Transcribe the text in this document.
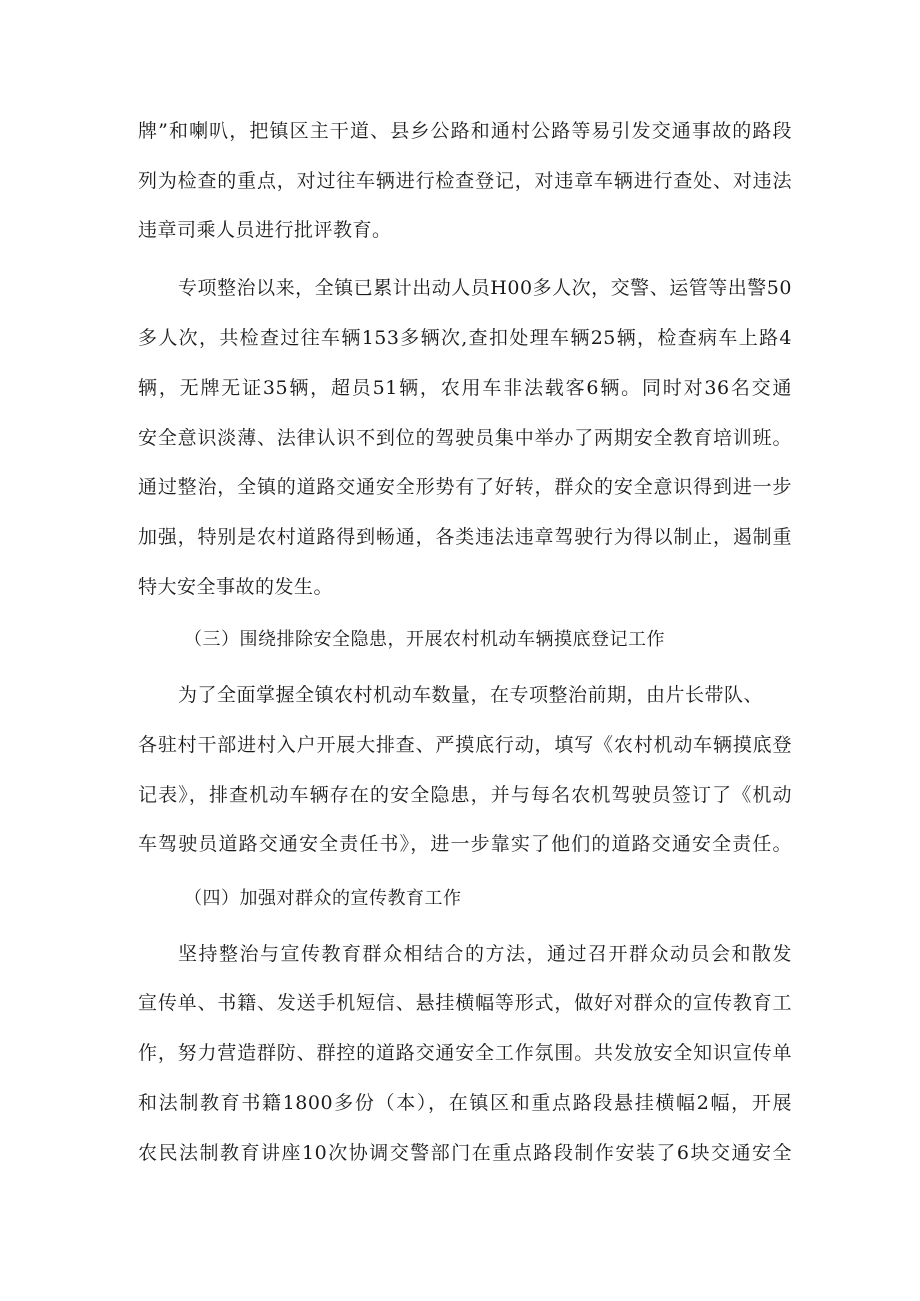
牌”和喇叭，把镇区主干道、县乡公路和通村公路等易引发交通事故的路段
列为检查的重点，对过往车辆进行检查登记，对违章车辆进行查处、对违法
违章司乘人员进行批评教育。
专项整治以来，全镇已累计出动人员H00多人次，交警、运管等出警50
多人次，共检查过往车辆153多辆次,查扣处理车辆25辆，检查病车上路4
辆，无牌无证35辆，超员51辆，农用车非法载客6辆。同时对36名交通
安全意识淡薄、法律认识不到位的驾驶员集中举办了两期安全教育培训班。
通过整治，全镇的道路交通安全形势有了好转，群众的安全意识得到进一步
加强，特别是农村道路得到畅通，各类违法违章驾驶行为得以制止，遏制重
特大安全事故的发生。
（三）围绕排除安全隐患，开展农村机动车辆摸底登记工作
为了全面掌握全镇农村机动车数量，在专项整治前期，由片长带队、
各驻村干部进村入户开展大排查、严摸底行动，填写《农村机动车辆摸底登
记表》，排查机动车辆存在的安全隐患，并与每名农机驾驶员签订了《机动
车驾驶员道路交通安全责任书》，进一步靠实了他们的道路交通安全责任。
（四）加强对群众的宣传教育工作
坚持整治与宣传教育群众相结合的方法，通过召开群众动员会和散发
宣传单、书籍、发送手机短信、悬挂横幅等形式，做好对群众的宣传教育工
作，努力营造群防、群控的道路交通安全工作氛围。共发放安全知识宣传单
和法制教育书籍1800多份（本），在镇区和重点路段悬挂横幅2幅，开展
农民法制教育讲座10次协调交警部门在重点路段制作安装了6块交通安全
